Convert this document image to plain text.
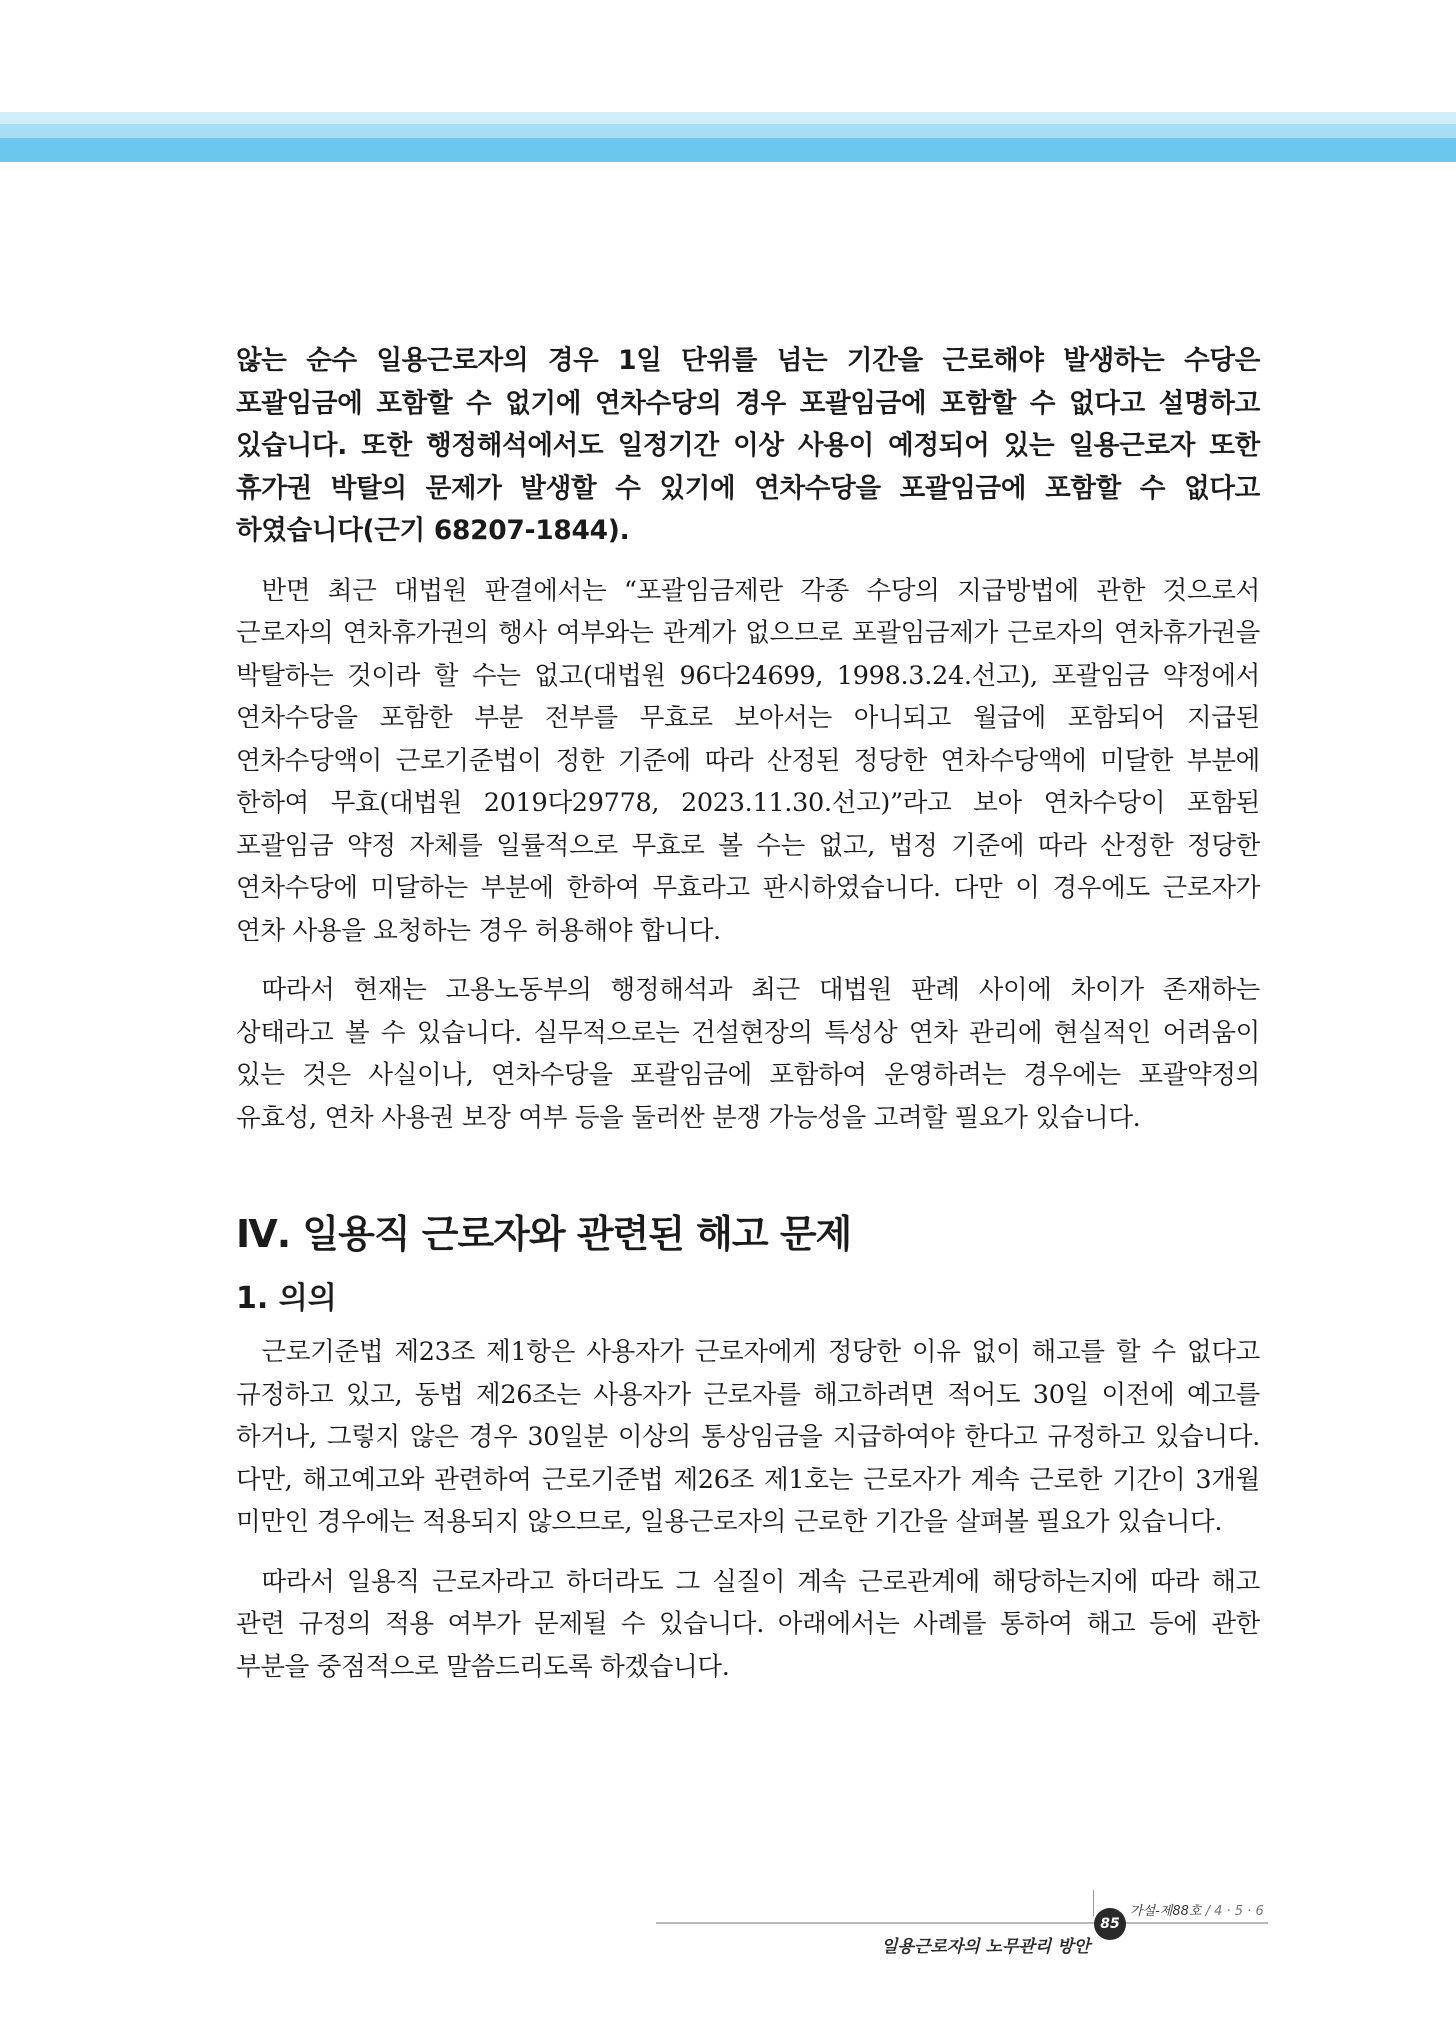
않는 순수 일용근로자의 경우 1일 단위를 넘는 기간을 근로해야 발생하는 수당은 포괄임금에 포함할 수 없기에 연차수당의 경우 포괄임금에 포함할 수 없다고 설명하고 있습니다. 또한 행정해석에서도 일정기간 이상 사용이 예정되어 있는 일용근로자 또한 휴가권 박탈의 문제가 발생할 수 있기에 연차수당을 포괄임금에 포함할 수 없다고 하였습니다(근기 68207-1844).

반면 최근 대법원 판결에서는 “포괄임금제란 각종 수당의 지급방법에 관한 것으로서 근로자의 연차휴가권의 행사 여부와는 관계가 없으므로 포괄임금제가 근로자의 연차휴가권을 박탈하는 것이라 할 수는 없고(대법원 96다24699, 1998.3.24.선고), 포괄임금 약정에서 연차수당을 포함한 부분 전부를 무효로 보아서는 아니되고 월급에 포함되어 지급된 연차수당액이 근로기준법이 정한 기준에 따라 산정된 정당한 연차수당액에 미달한 부분에 한하여 무효(대법원 2019다29778, 2023.11.30.선고)”라고 보아 연차수당이 포함된 포괄임금 약정 자체를 일률적으로 무효로 볼 수는 없고, 법정 기준에 따라 산정한 정당한 연차수당에 미달하는 부분에 한하여 무효라고 판시하였습니다. 다만 이 경우에도 근로자가 연차 사용을 요청하는 경우 허용해야 합니다.

따라서 현재는 고용노동부의 행정해석과 최근 대법원 판례 사이에 차이가 존재하는 상태라고 볼 수 있습니다. 실무적으로는 건설현장의 특성상 연차 관리에 현실적인 어려움이 있는 것은 사실이나, 연차수당을 포괄임금에 포함하여 운영하려는 경우에는 포괄약정의 유효성, 연차 사용권 보장 여부 등을 둘러싼 분쟁 가능성을 고려할 필요가 있습니다.

Ⅳ. 일용직 근로자와 관련된 해고 문제
1. 의의

근로기준법 제23조 제1항은 사용자가 근로자에게 정당한 이유 없이 해고를 할 수 없다고 규정하고 있고, 동법 제26조는 사용자가 근로자를 해고하려면 적어도 30일 이전에 예고를 하거나, 그렇지 않은 경우 30일분 이상의 통상임금을 지급하여야 한다고 규정하고 있습니다. 다만, 해고예고와 관련하여 근로기준법 제26조 제1호는 근로자가 계속 근로한 기간이 3개월 미만인 경우에는 적용되지 않으므로, 일용근로자의 근로한 기간을 살펴볼 필요가 있습니다.

따라서 일용직 근로자라고 하더라도 그 실질이 계속 근로관계에 해당하는지에 따라 해고 관련 규정의 적용 여부가 문제될 수 있습니다. 아래에서는 사례를 통하여 해고 등에 관한 부분을 중점적으로 말씀드리도록 하겠습니다.

가설-제88호 / 4 · 5 · 6
85
일용근로자의 노무관리 방안
